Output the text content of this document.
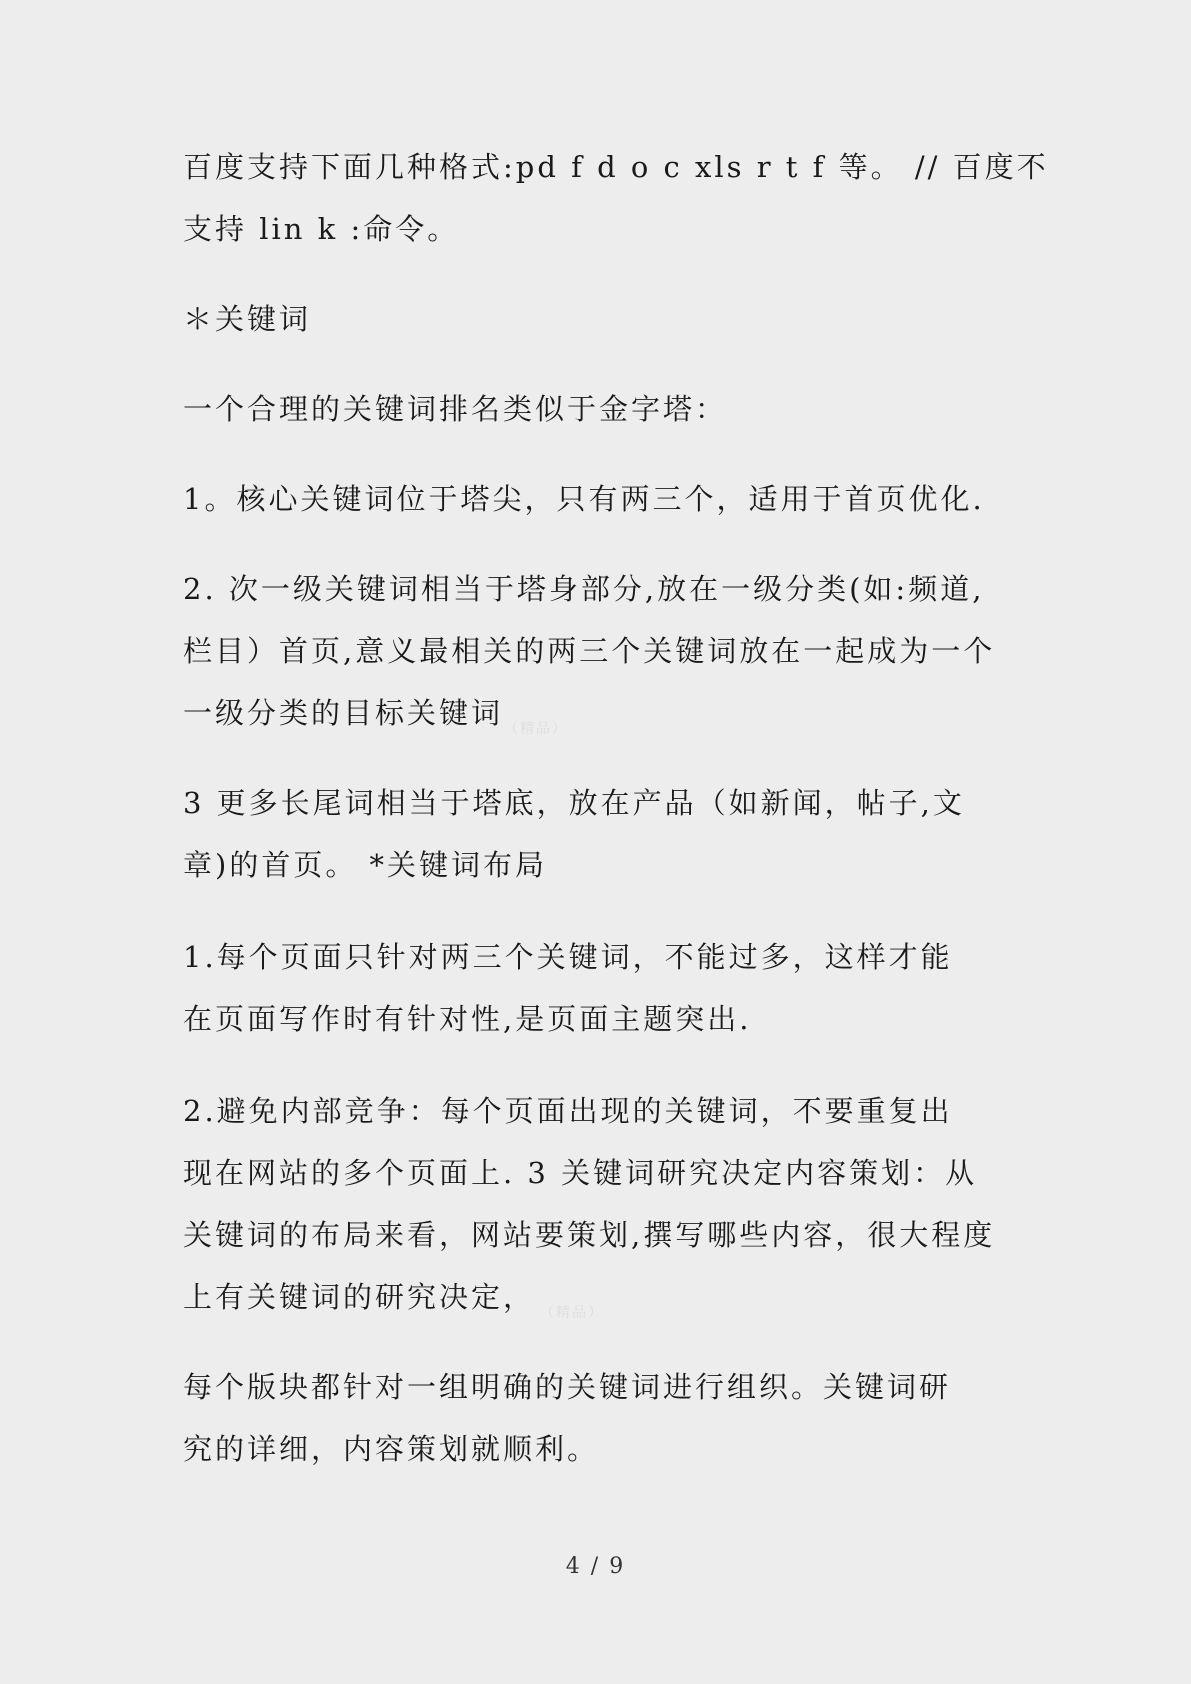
百度支持下面几种格式:pd f d o c xls r t f 等。 // 百度不
支持 lin k :命令。
＊关键词
一个合理的关键词排名类似于金字塔：
1。核心关键词位于塔尖，只有两三个，适用于首页优化.
2. 次一级关键词相当于塔身部分,放在一级分类(如:频道,
栏目）首页,意义最相关的两三个关键词放在一起成为一个
一级分类的目标关键词 （精品）
3 更多长尾词相当于塔底，放在产品（如新闻，帖子,文
章)的首页。 *关键词布局
1.每个页面只针对两三个关键词，不能过多，这样才能
在页面写作时有针对性,是页面主题突出.
2.避免内部竞争：每个页面出现的关键词，不要重复出
现在网站的多个页面上. 3 关键词研究决定内容策划：从
关键词的布局来看，网站要策划,撰写哪些内容，很大程度
上有关键词的研究决定， （精品）
每个版块都针对一组明确的关键词进行组织。关键词研
究的详细，内容策划就顺利。
4 / 9
